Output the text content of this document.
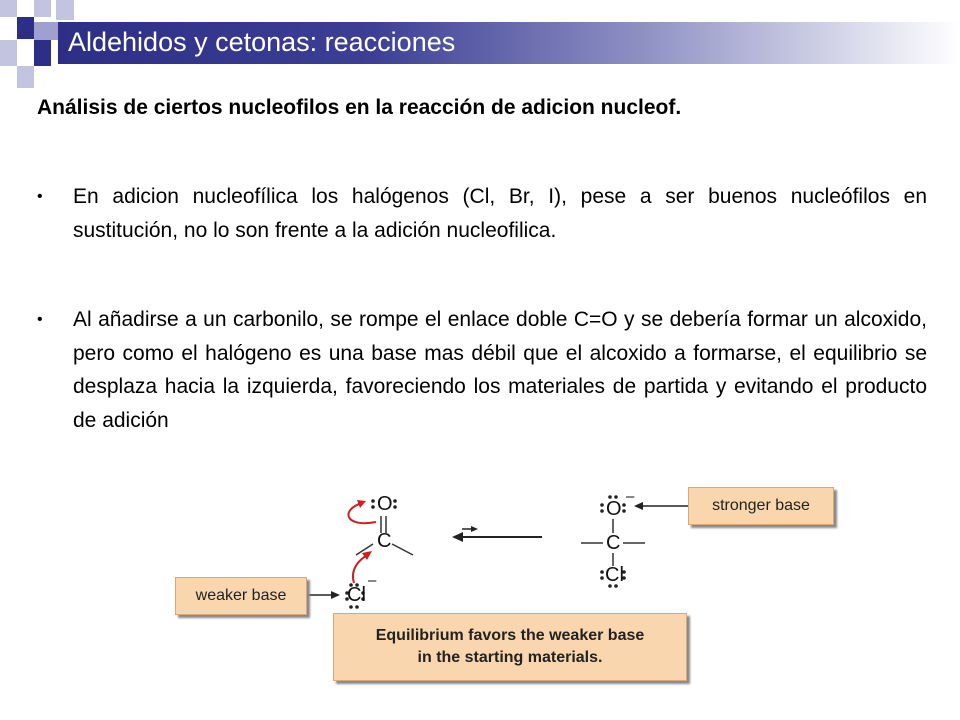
Aldehidos y cetonas: reacciones
Análisis de ciertos nucleofilos en la reacción de adicion nucleof.
• En adicion nucleofílica los halógenos (Cl, Br, I), pese a ser buenos nucleófilos en sustitución, no lo son frente a la adición nucleofilica.
• Al añadirse a un carbonilo, se rompe el enlace doble C=O y se debería formar un alcoxido, pero como el halógeno es una base mas débil que el alcoxido a formarse, el equilibrio se desplaza hacia la izquierda, favoreciendo los materiales de partida y evitando el producto de adición
O
C
Cl
–
O
–
C
Cl
weaker base
stronger base
Equilibrium favors the weaker base
in the starting materials.
